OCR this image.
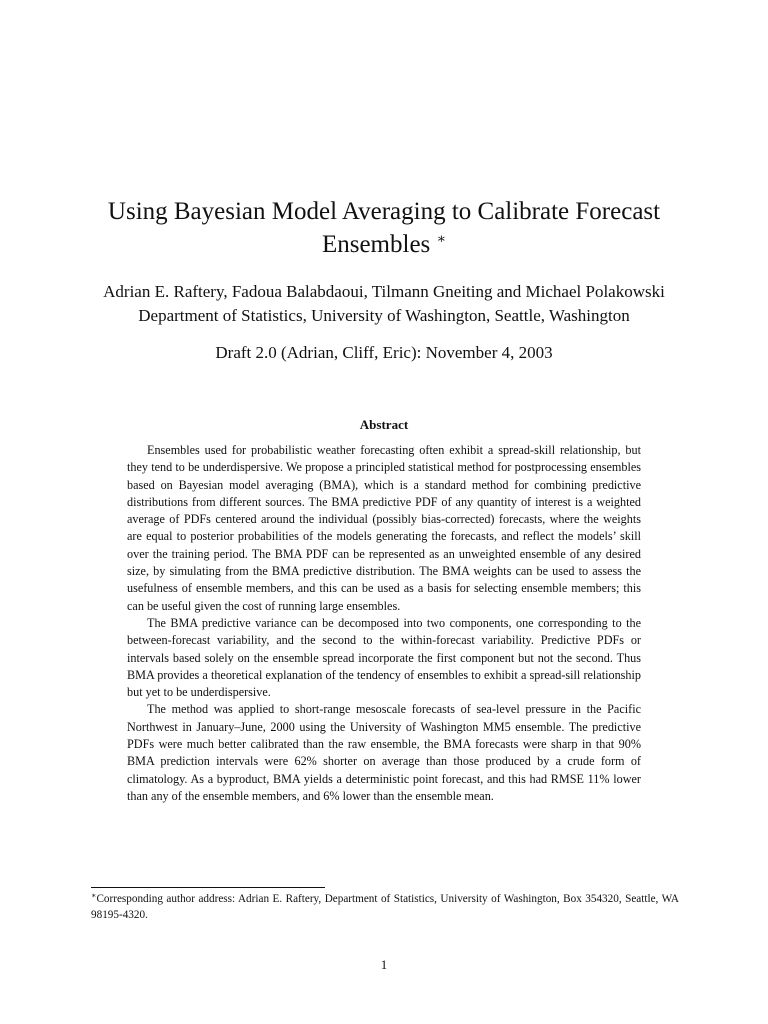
Using Bayesian Model Averaging to Calibrate Forecast Ensembles ∗
Adrian E. Raftery, Fadoua Balabdaoui, Tilmann Gneiting and Michael Polakowski
Department of Statistics, University of Washington, Seattle, Washington
Draft 2.0 (Adrian, Cliff, Eric): November 4, 2003
Abstract

Ensembles used for probabilistic weather forecasting often exhibit a spread-skill relationship, but they tend to be underdispersive. We propose a principled statistical method for postprocessing ensembles based on Bayesian model averaging (BMA), which is a standard method for combining predictive distributions from different sources. The BMA predictive PDF of any quantity of interest is a weighted average of PDFs centered around the individual (possibly bias-corrected) forecasts, where the weights are equal to posterior probabilities of the models generating the forecasts, and reflect the models’ skill over the training period. The BMA PDF can be represented as an unweighted ensemble of any desired size, by simulating from the BMA predictive distribution. The BMA weights can be used to assess the usefulness of ensemble members, and this can be used as a basis for selecting ensemble members; this can be useful given the cost of running large ensembles.

The BMA predictive variance can be decomposed into two components, one corresponding to the between-forecast variability, and the second to the within-forecast variability. Predictive PDFs or intervals based solely on the ensemble spread incorporate the first component but not the second. Thus BMA provides a theoretical explanation of the tendency of ensembles to exhibit a spread-sill relationship but yet to be underdispersive.

The method was applied to short-range mesoscale forecasts of sea-level pressure in the Pacific Northwest in January–June, 2000 using the University of Washington MM5 ensemble. The predictive PDFs were much better calibrated than the raw ensemble, the BMA forecasts were sharp in that 90% BMA prediction intervals were 62% shorter on average than those produced by a crude form of climatology. As a byproduct, BMA yields a deterministic point forecast, and this had RMSE 11% lower than any of the ensemble members, and 6% lower than the ensemble mean.

∗Corresponding author address: Adrian E. Raftery, Department of Statistics, University of Washington, Box 354320, Seattle, WA 98195-4320.
1
